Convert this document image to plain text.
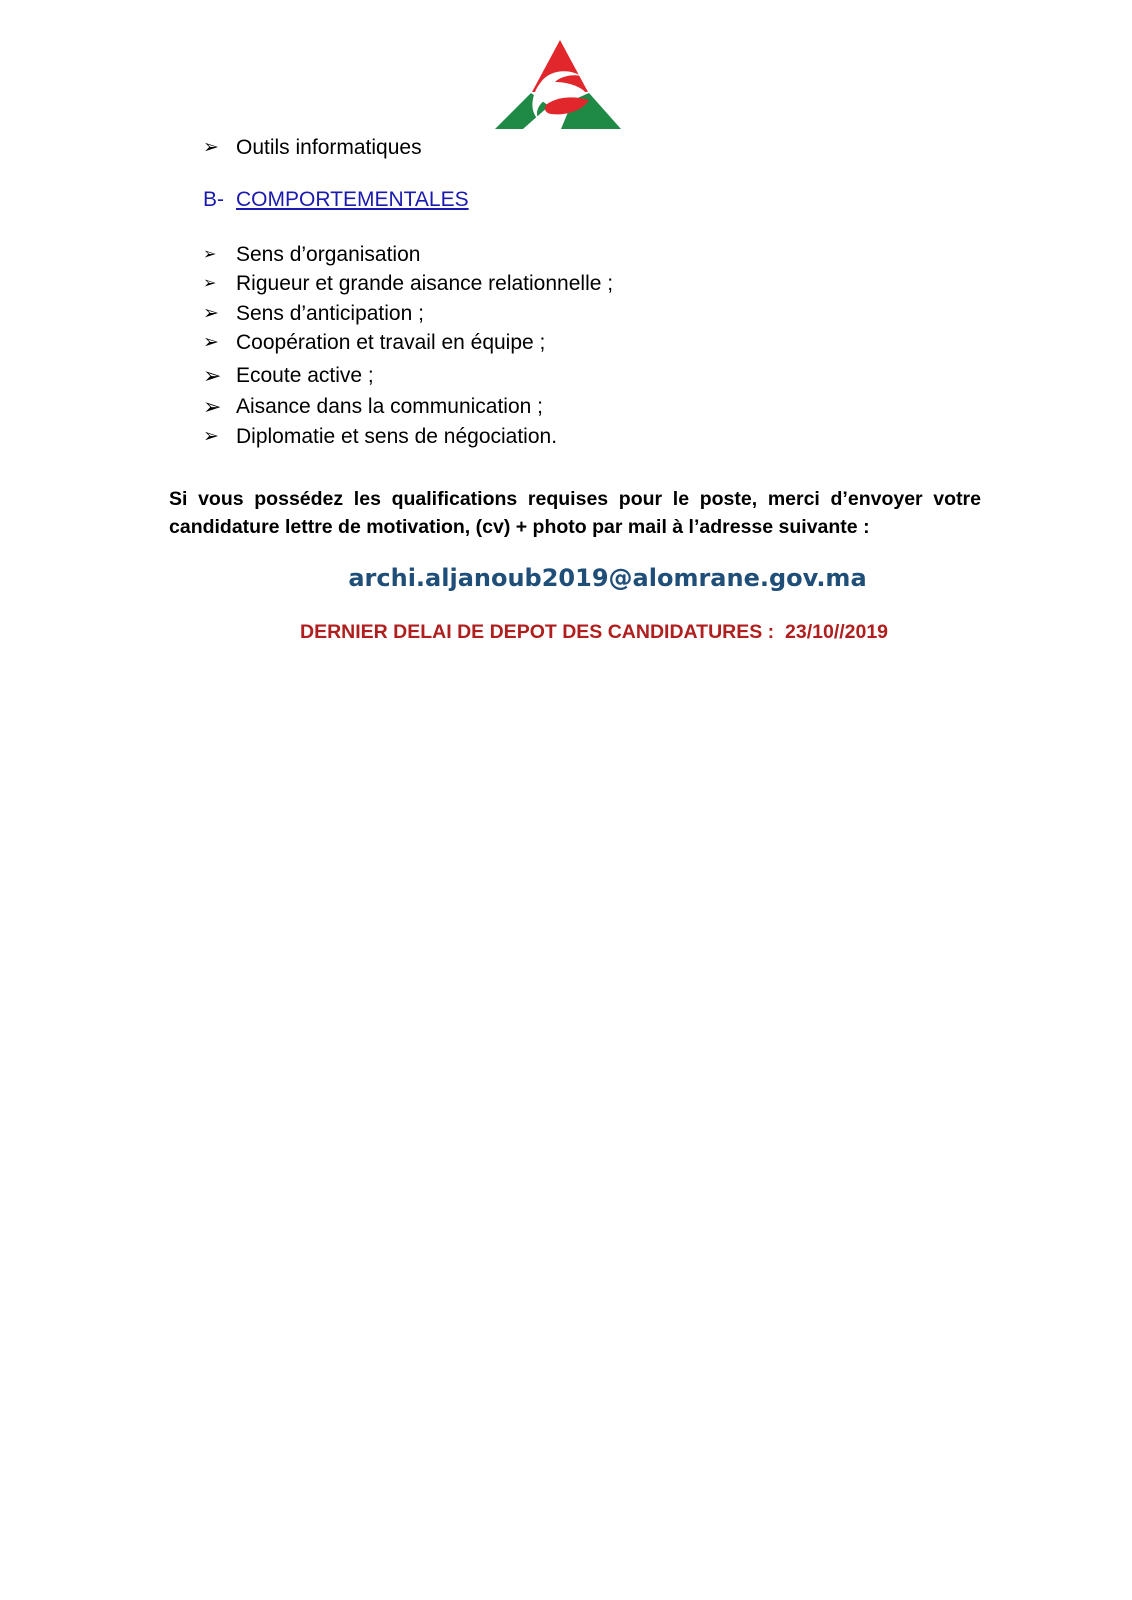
➢ Outils informatiques
B- COMPORTEMENTALES
➢ Sens d’organisation
➢ Rigueur et grande aisance relationnelle ;
➢ Sens d’anticipation ;
➢ Coopération et travail en équipe ;
➢ Ecoute active ;
➢ Aisance dans la communication ;
➢ Diplomatie et sens de négociation.
Si vous possédez les qualifications requises pour le poste, merci d’envoyer votre candidature lettre de motivation, (cv) + photo par mail à l’adresse suivante :
archi.aljanoub2019@alomrane.gov.ma
DERNIER DELAI DE DEPOT DES CANDIDATURES : 23/10//2019
